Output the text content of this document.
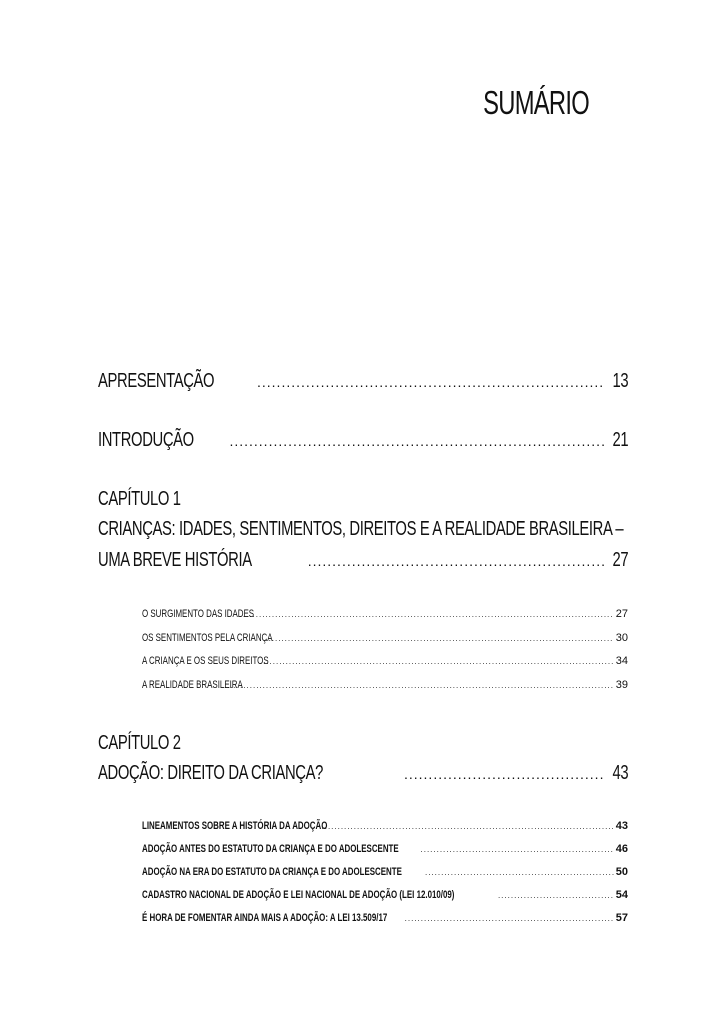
SUMÁRIO
APRESENTAÇÃO .....	13
INTRODUÇÃO .....	21
CAPÍTULO 1
CRIANÇAS: IDADES, SENTIMENTOS, DIREITOS E A REALIDADE BRASILEIRA –
UMA BREVE HISTÓRIA .....	27
O SURGIMENTO DAS IDADES .....	27
OS SENTIMENTOS PELA CRIANÇA .....	30
A CRIANÇA E OS SEUS DIREITOS .....	34
A REALIDADE BRASILEIRA .....	39
CAPÍTULO 2
ADOÇÃO: DIREITO DA CRIANÇA? .....	43
LINEAMENTOS SOBRE A HISTÓRIA DA ADOÇÃO .....	43
ADOÇÃO ANTES DO ESTATUTO DA CRIANÇA E DO ADOLESCENTE .....	46
ADOÇÃO NA ERA DO ESTATUTO DA CRIANÇA E DO ADOLESCENTE .....	50
CADASTRO NACIONAL DE ADOÇÃO E LEI NACIONAL DE ADOÇÃO (LEI 12.010/09) .....	54
É HORA DE FOMENTAR AINDA MAIS A ADOÇÃO: A LEI 13.509/17 .....	57
